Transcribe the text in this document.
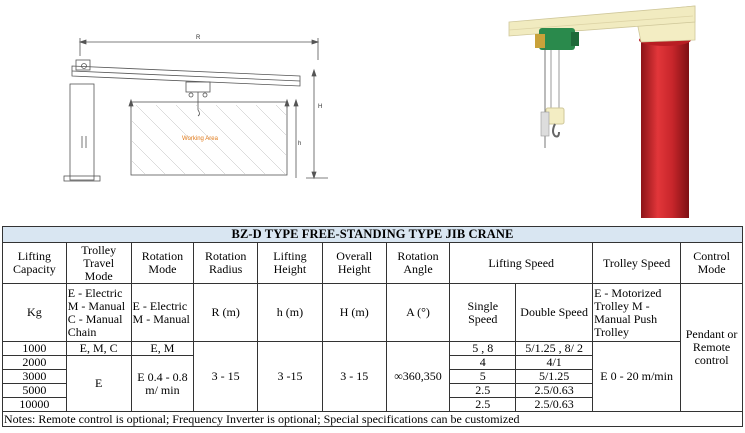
R
H
h
Working Area
BZ-D TYPE FREE-STANDING TYPE JIB CRANE										
Lifting Capacity	Trolley Travel Mode	Rotation Mode	Rotation Radius	Lifting Height	Overall Height	Rotation Angle	Lifting Speed		Trolley Speed	Control Mode
Kg	E - Electric M - Manual C - Manual Chain	E - Electric M - Manual	R (m)	h (m)	H (m)	A (°)	Single Speed	Double Speed	E - Motorized Trolley M - Manual Push Trolley	Pendant or Remote control
1000	E, M, C	E, M	3 - 15	3 -15	3 - 15	∞360,350	5 , 8	5/1.25 , 8/ 2	E 0 - 20 m/min	
2000	E	E 0.4 - 0.8 m/ min					4	4/1		
3000							5	5/1.25		
5000							2.5	2.5/0.63		
10000							2.5	2.5/0.63		
Notes: Remote control is optional; Frequency Inverter is optional; Special specifications can be customized										
